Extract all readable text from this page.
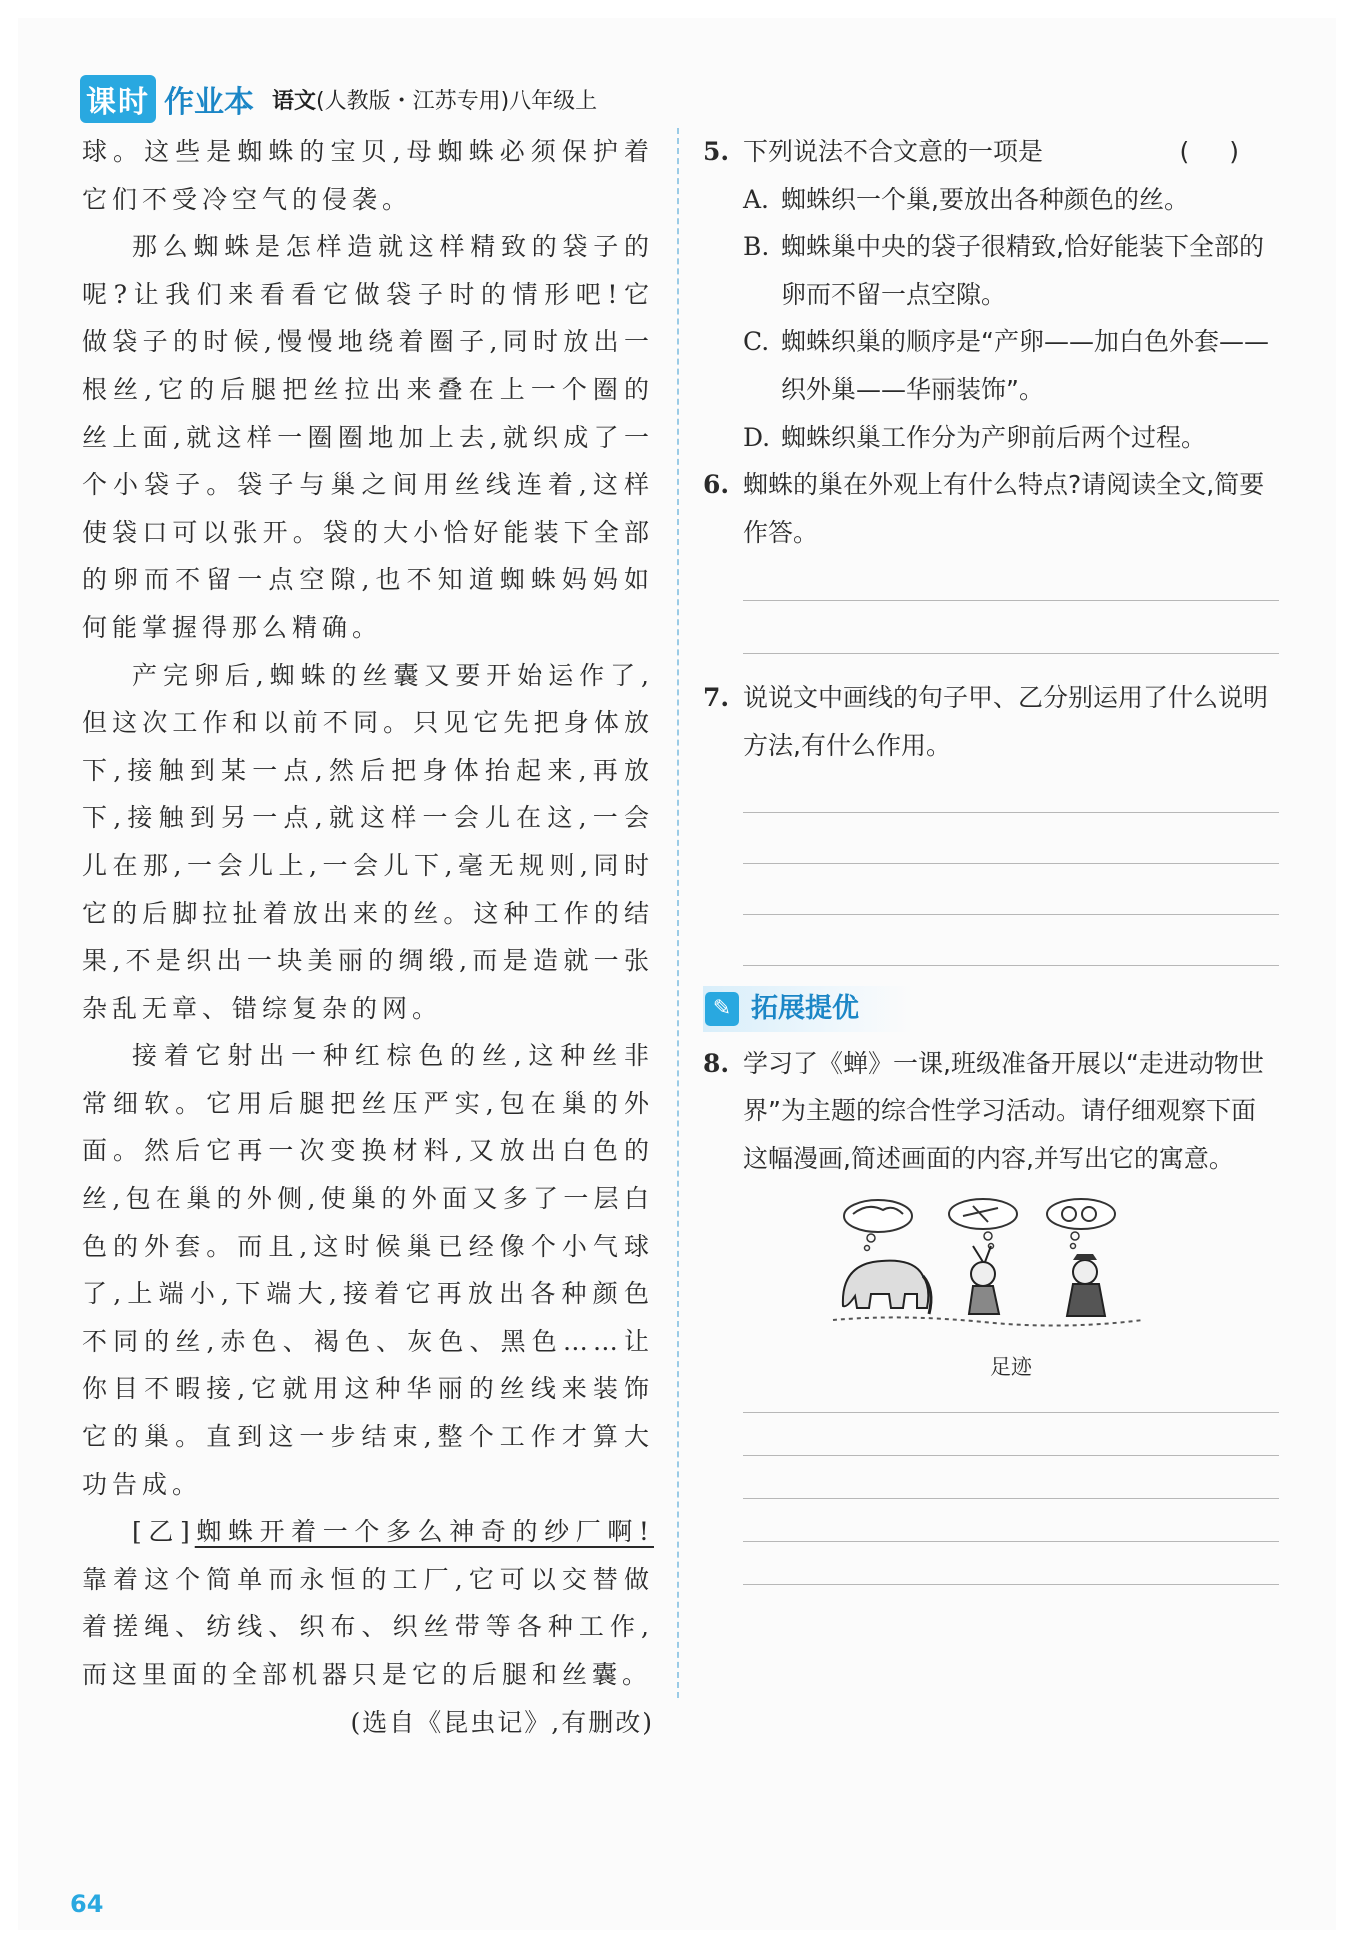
课时 作业本 语文(人教版・江苏专用)八年级上

球。这些是蜘蛛的宝贝,母蜘蛛必须保护着它们不受冷空气的侵袭。

那么蜘蛛是怎样造就这样精致的袋子的呢?让我们来看看它做袋子时的情形吧!它做袋子的时候,慢慢地绕着圈子,同时放出一根丝,它的后腿把丝拉出来叠在上一个圈的丝上面,就这样一圈圈地加上去,就织成了一个小袋子。袋子与巢之间用丝线连着,这样使袋口可以张开。袋的大小恰好能装下全部的卵而不留一点空隙,也不知道蜘蛛妈妈如何能掌握得那么精确。

产完卵后,蜘蛛的丝囊又要开始运作了,但这次工作和以前不同。只见它先把身体放下,接触到某一点,然后把身体抬起来,再放下,接触到另一点,就这样一会儿在这,一会儿在那,一会儿上,一会儿下,毫无规则,同时它的后脚拉扯着放出来的丝。这种工作的结果,不是织出一块美丽的绸缎,而是造就一张杂乱无章、错综复杂的网。

接着它射出一种红棕色的丝,这种丝非常细软。它用后腿把丝压严实,包在巢的外面。然后它再一次变换材料,又放出白色的丝,包在巢的外侧,使巢的外面又多了一层白色的外套。而且,这时候巢已经像个小气球了,上端小,下端大,接着它再放出各种颜色不同的丝,赤色、褐色、灰色、黑色……让你目不暇接,它就用这种华丽的丝线来装饰它的巢。直到这一步结束,整个工作才算大功告成。

[乙]蜘蛛开着一个多么神奇的纱厂啊!靠着这个简单而永恒的工厂,它可以交替做着搓绳、纺线、织布、织丝带等各种工作,而这里面的全部机器只是它的后腿和丝囊。

(选自《昆虫记》,有删改)

5. 下列说法不合文意的一项是	()
A. 蜘蛛织一个巢,要放出各种颜色的丝。
B. 蜘蛛巢中央的袋子很精致,恰好能装下全部的卵而不留一点空隙。
C. 蜘蛛织巢的顺序是“产卵——加白色外套——织外巢——华丽装饰”。
D. 蜘蛛织巢工作分为产卵前后两个过程。
6. 蜘蛛的巢在外观上有什么特点?请阅读全文,简要作答。
7. 说说文中画线的句子甲、乙分别运用了什么说明方法,有什么作用。
✎ 拓展提优
8. 学习了《蝉》一课,班级准备开展以“走进动物世界”为主题的综合性学习活动。请仔细观察下面这幅漫画,简述画面的内容,并写出它的寓意。
足迹
64
